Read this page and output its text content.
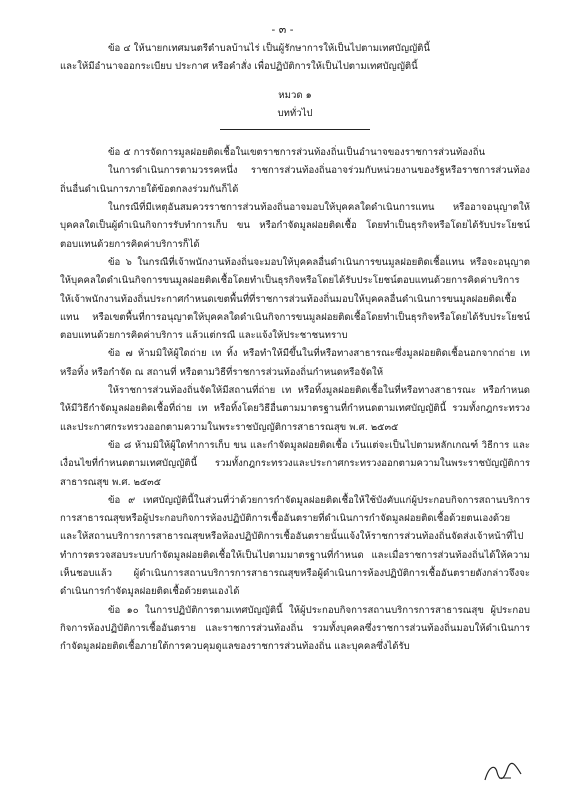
- ๓ -

ข้อ ๔ ให้นายกเทศมนตรีตำบลบ้านไร่ เป็นผู้รักษาการให้เป็นไปตามเทศบัญญัตินี้

และให้มีอำนาจออกระเบียบ ประกาศ หรือคำสั่ง เพื่อปฏิบัติการให้เป็นไปตามเทศบัญญัตินี้

หมวด ๑

บททั่วไป

ข้อ ๕ การจัดการมูลฝอยติดเชื้อในเขตราชการส่วนท้องถิ่นเป็นอำนาจของราชการส่วนท้องถิ่น

ในการดำเนินการตามวรรคหนึ่ง ราชการส่วนท้องถิ่นอาจร่วมกับหน่วยงานของรัฐหรือราชการส่วนท้องถิ่นอื่นดำเนินการภายใต้ข้อตกลงร่วมกันก็ได้

ในกรณีที่มีเหตุอันสมควรราชการส่วนท้องถิ่นอาจมอบให้บุคคลใดดำเนินการแทน หรืออาจอนุญาตให้บุคคลใดเป็นผู้ดำเนินกิจการรับทำการเก็บ ขน หรือกำจัดมูลฝอยติดเชื้อ โดยทำเป็นธุรกิจหรือโดยได้รับประโยชน์ตอบแทนด้วยการคิดค่าบริการก็ได้

ข้อ ๖ ในกรณีที่เจ้าพนักงานท้องถิ่นจะมอบให้บุคคลอื่นดำเนินการขนมูลฝอยติดเชื้อแทน หรือจะอนุญาตให้บุคคลใดดำเนินกิจการขนมูลฝอยติดเชื้อโดยทำเป็นธุรกิจหรือโดยได้รับประโยชน์ตอบแทนด้วยการคิดค่าบริการ ให้เจ้าพนักงานท้องถิ่นประกาศกำหนดเขตพื้นที่ที่ราชการส่วนท้องถิ่นมอบให้บุคคลอื่นดำเนินการขนมูลฝอยติดเชื้อแทน หรือเขตพื้นที่การอนุญาตให้บุคคลใดดำเนินกิจการขนมูลฝอยติดเชื้อโดยทำเป็นธุรกิจหรือโดยได้รับประโยชน์ตอบแทนด้วยการคิดค่าบริการ แล้วแต่กรณี และแจ้งให้ประชาชนทราบ

ข้อ ๗ ห้ามมิให้ผู้ใดถ่าย เท ทิ้ง หรือทำให้มีขึ้นในที่หรือทางสาธารณะซึ่งมูลฝอยติดเชื้อนอกจากถ่าย เท หรือทิ้ง หรือกำจัด ณ สถานที่ หรือตามวิธีที่ราชการส่วนท้องถิ่นกำหนดหรือจัดให้

ให้ราชการส่วนท้องถิ่นจัดให้มีสถานที่ถ่าย เท หรือทิ้งมูลฝอยติดเชื้อในที่หรือทางสาธารณะ หรือกำหนดให้มีวิธีกำจัดมูลฝอยติดเชื้อที่ถ่าย เท หรือทิ้งโดยวิธีอื่นตามมาตรฐานที่กำหนดตามเทศบัญญัตินี้ รวมทั้งกฎกระทรวงและประกาศกระทรวงออกตามความในพระราชบัญญัติการสาธารณสุข พ.ศ. ๒๕๓๕

ข้อ ๘ ห้ามมิให้ผู้ใดทำการเก็บ ขน และกำจัดมูลฝอยติดเชื้อ เว้นแต่จะเป็นไปตามหลักเกณฑ์ วิธีการ และเงื่อนไขที่กำหนดตามเทศบัญญัตินี้ รวมทั้งกฎกระทรวงและประกาศกระทรวงออกตามความในพระราชบัญญัติการสาธารณสุข พ.ศ. ๒๕๓๕

ข้อ ๙ เทศบัญญัตินี้ในส่วนที่ว่าด้วยการกำจัดมูลฝอยติดเชื้อให้ใช้บังคับแก่ผู้ประกอบกิจการสถานบริการการสาธารณสุขหรือผู้ประกอบกิจการห้องปฏิบัติการเชื้ออันตรายที่ดำเนินการกำจัดมูลฝอยติดเชื้อด้วยตนเองด้วย และให้สถานบริการการสาธารณสุขหรือห้องปฏิบัติการเชื้ออันตรายนั้นแจ้งให้ราชการส่วนท้องถิ่นจัดส่งเจ้าหน้าที่ไปทำการตรวจสอบระบบกำจัดมูลฝอยติดเชื้อให้เป็นไปตามมาตรฐานที่กำหนด และเมื่อราชการส่วนท้องถิ่นได้ให้ความเห็นชอบแล้ว ผู้ดำเนินการสถานบริการการสาธารณสุขหรือผู้ดำเนินการห้องปฏิบัติการเชื้ออันตรายดังกล่าวจึงจะดำเนินการกำจัดมูลฝอยติดเชื้อด้วยตนเองได้

ข้อ ๑๐ ในการปฏิบัติการตามเทศบัญญัตินี้ ให้ผู้ประกอบกิจการสถานบริการการสาธารณสุข ผู้ประกอบกิจการห้องปฏิบัติการเชื้ออันตราย และราชการส่วนท้องถิ่น รวมทั้งบุคคลซึ่งราชการส่วนท้องถิ่นมอบให้ดำเนินการกำจัดมูลฝอยติดเชื้อภายใต้การควบคุมดูแลของราชการส่วนท้องถิ่น และบุคคลซึ่งได้รับ
